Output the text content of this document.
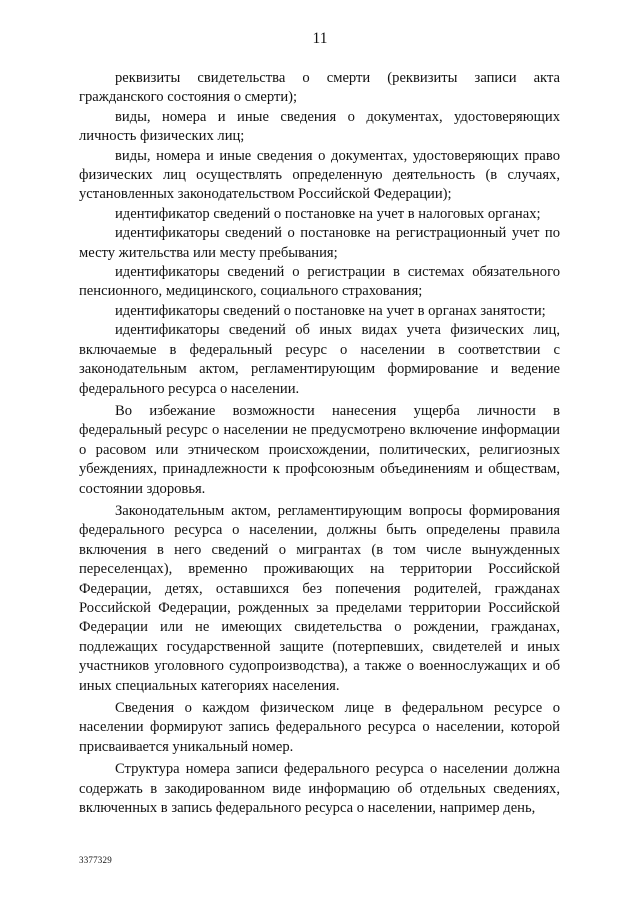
11

реквизиты свидетельства о смерти (реквизиты записи акта гражданского состояния о смерти);

виды, номера и иные сведения о документах, удостоверяющих личность физических лиц;

виды, номера и иные сведения о документах, удостоверяющих право физических лиц осуществлять определенную деятельность (в случаях, установленных законодательством Российской Федерации);

идентификатор сведений о постановке на учет в налоговых органах;

идентификаторы сведений о постановке на регистрационный учет по месту жительства или месту пребывания;

идентификаторы сведений о регистрации в системах обязательного пенсионного, медицинского, социального страхования;

идентификаторы сведений о постановке на учет в органах занятости;

идентификаторы сведений об иных видах учета физических лиц, включаемые в федеральный ресурс о населении в соответствии с законодательным актом, регламентирующим формирование и ведение федерального ресурса о населении.

Во избежание возможности нанесения ущерба личности в федеральный ресурс о населении не предусмотрено включение информации о расовом или этническом происхождении, политических, религиозных убеждениях, принадлежности к профсоюзным объединениям и обществам, состоянии здоровья.

Законодательным актом, регламентирующим вопросы формирования федерального ресурса о населении, должны быть определены правила включения в него сведений о мигрантах (в том числе вынужденных переселенцах), временно проживающих на территории Российской Федерации, детях, оставшихся без попечения родителей, гражданах Российской Федерации, рожденных за пределами территории Российской Федерации или не имеющих свидетельства о рождении, гражданах, подлежащих государственной защите (потерпевших, свидетелей и иных участников уголовного судопроизводства), а также о военнослужащих и об иных специальных категориях населения.

Сведения о каждом физическом лице в федеральном ресурсе о населении формируют запись федерального ресурса о населении, которой присваивается уникальный номер.

Структура номера записи федерального ресурса о населении должна содержать в закодированном виде информацию об отдельных сведениях, включенных в запись федерального ресурса о населении, например день,

3377329
